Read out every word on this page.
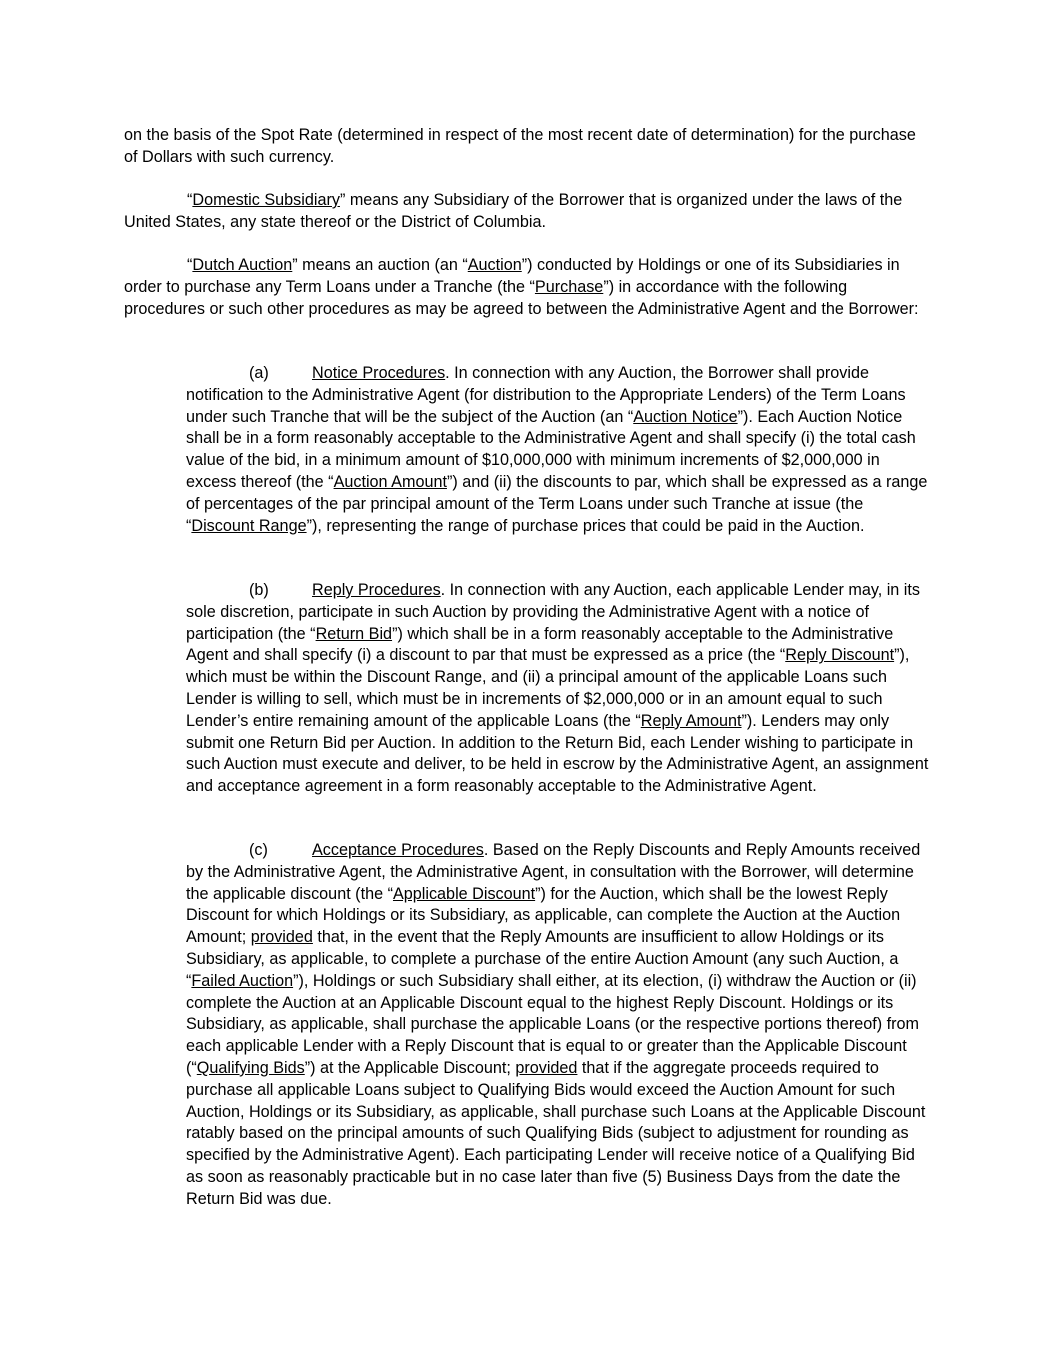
on the basis of the Spot Rate (determined in respect of the most recent date of determination) for the purchase of Dollars with such currency.

“Domestic Subsidiary” means any Subsidiary of the Borrower that is organized under the laws of the United States, any state thereof or the District of Columbia.

“Dutch Auction” means an auction (an “Auction”) conducted by Holdings or one of its Subsidiaries in order to purchase any Term Loans under a Tranche (the “Purchase”) in accordance with the following procedures or such other procedures as may be agreed to between the Administrative Agent and the Borrower:

(a)	Notice Procedures. In connection with any Auction, the Borrower shall provide notification to the Administrative Agent (for distribution to the Appropriate Lenders) of the Term Loans under such Tranche that will be the subject of the Auction (an “Auction Notice”). Each Auction Notice shall be in a form reasonably acceptable to the Administrative Agent and shall specify (i) the total cash value of the bid, in a minimum amount of $10,000,000 with minimum increments of $2,000,000 in excess thereof (the “Auction Amount”) and (ii) the discounts to par, which shall be expressed as a range of percentages of the par principal amount of the Term Loans under such Tranche at issue (the “Discount Range”), representing the range of purchase prices that could be paid in the Auction.

(b)	Reply Procedures. In connection with any Auction, each applicable Lender may, in its sole discretion, participate in such Auction by providing the Administrative Agent with a notice of participation (the “Return Bid”) which shall be in a form reasonably acceptable to the Administrative Agent and shall specify (i) a discount to par that must be expressed as a price (the “Reply Discount”), which must be within the Discount Range, and (ii) a principal amount of the applicable Loans such Lender is willing to sell, which must be in increments of $2,000,000 or in an amount equal to such Lender’s entire remaining amount of the applicable Loans (the “Reply Amount”). Lenders may only submit one Return Bid per Auction. In addition to the Return Bid, each Lender wishing to participate in such Auction must execute and deliver, to be held in escrow by the Administrative Agent, an assignment and acceptance agreement in a form reasonably acceptable to the Administrative Agent.

(c)	Acceptance Procedures. Based on the Reply Discounts and Reply Amounts received by the Administrative Agent, the Administrative Agent, in consultation with the Borrower, will determine the applicable discount (the “Applicable Discount”) for the Auction, which shall be the lowest Reply Discount for which Holdings or its Subsidiary, as applicable, can complete the Auction at the Auction Amount; provided that, in the event that the Reply Amounts are insufficient to allow Holdings or its Subsidiary, as applicable, to complete a purchase of the entire Auction Amount (any such Auction, a “Failed Auction”), Holdings or such Subsidiary shall either, at its election, (i) withdraw the Auction or (ii) complete the Auction at an Applicable Discount equal to the highest Reply Discount. Holdings or its Subsidiary, as applicable, shall purchase the applicable Loans (or the respective portions thereof) from each applicable Lender with a Reply Discount that is equal to or greater than the Applicable Discount (“Qualifying Bids”) at the Applicable Discount; provided that if the aggregate proceeds required to purchase all applicable Loans subject to Qualifying Bids would exceed the Auction Amount for such Auction, Holdings or its Subsidiary, as applicable, shall purchase such Loans at the Applicable Discount ratably based on the principal amounts of such Qualifying Bids (subject to adjustment for rounding as specified by the Administrative Agent). Each participating Lender will receive notice of a Qualifying Bid as soon as reasonably practicable but in no case later than five (5) Business Days from the date the Return Bid was due.
